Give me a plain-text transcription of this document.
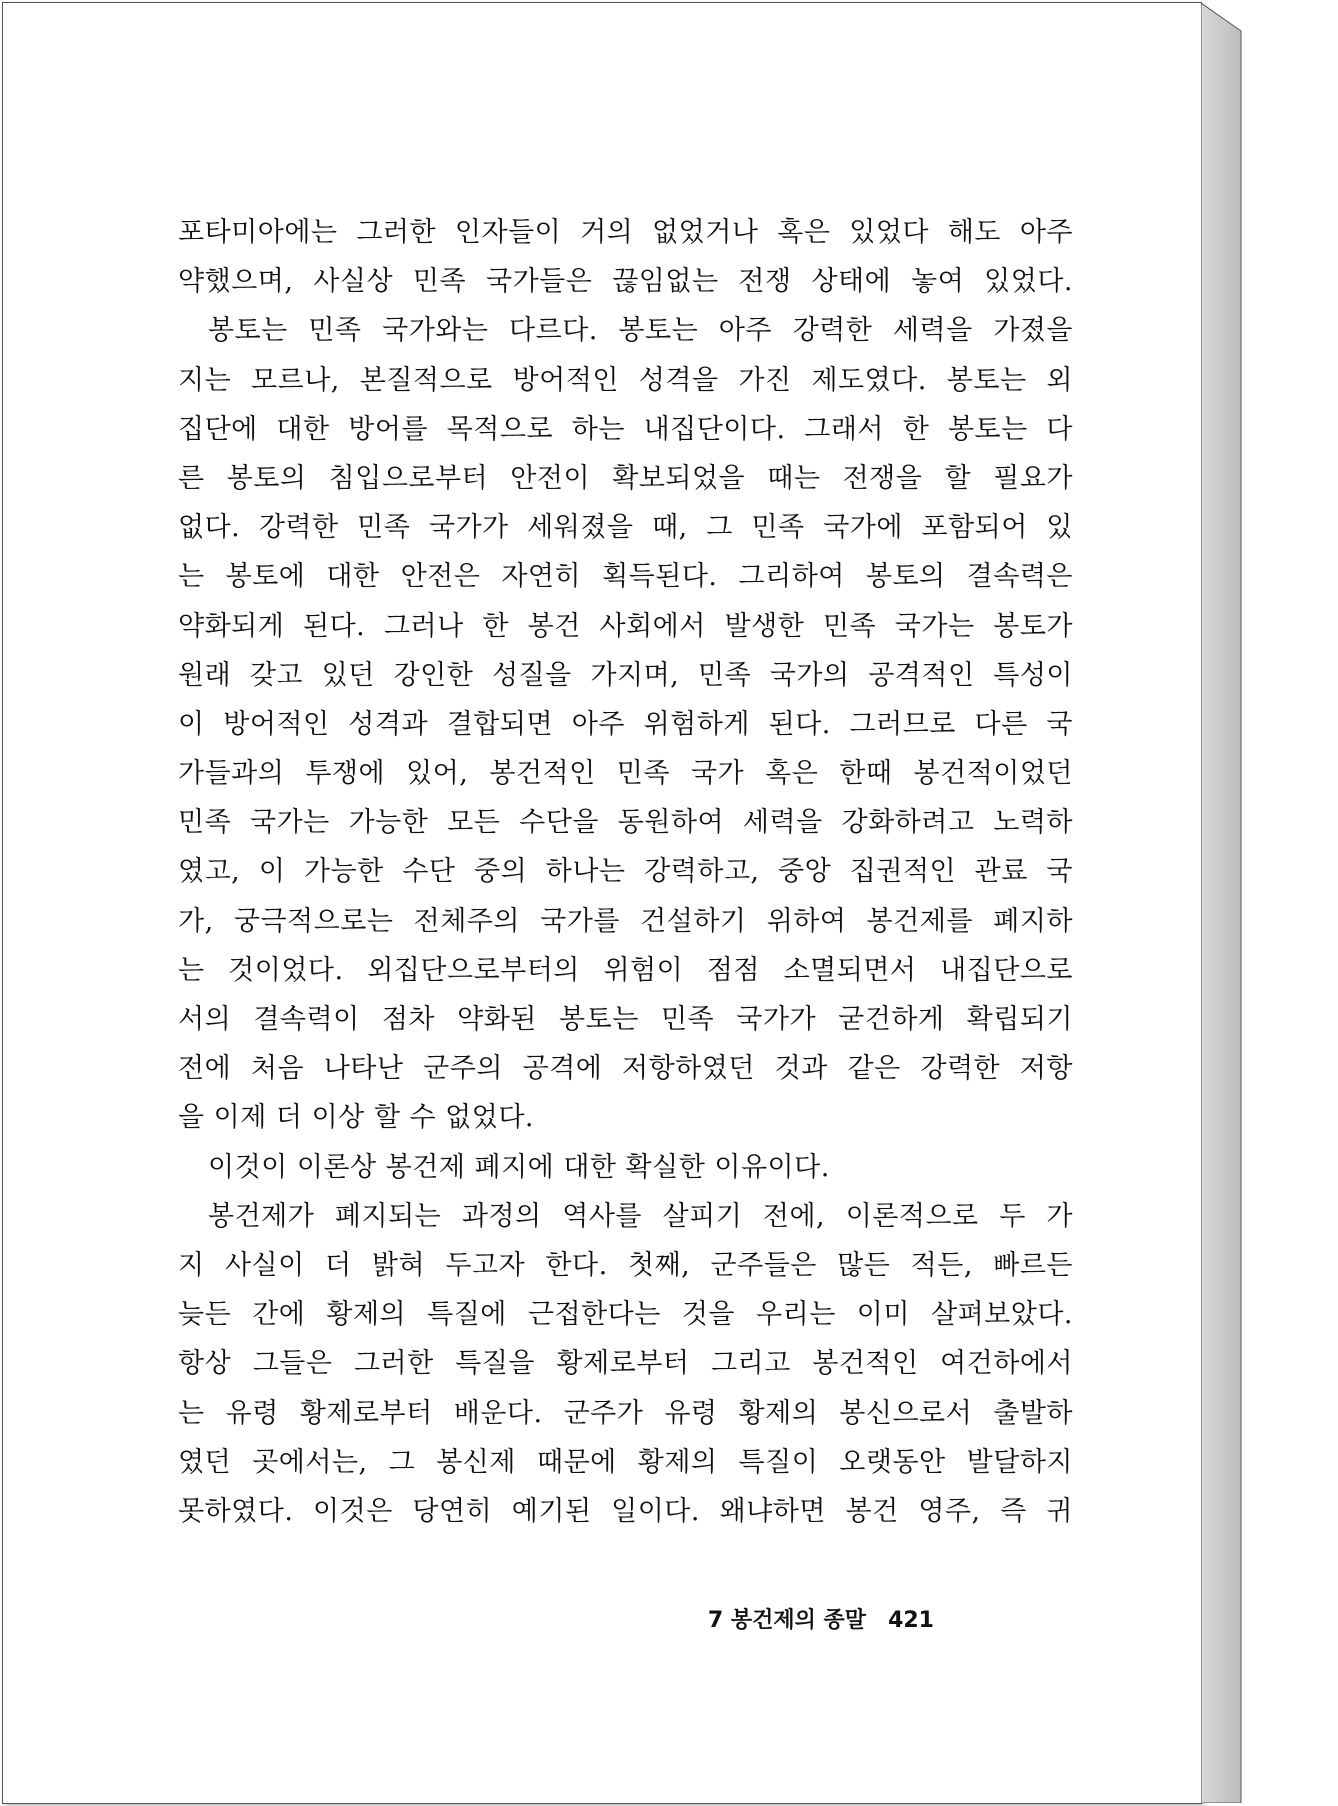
포타미아에는 그러한 인자들이 거의 없었거나 혹은 있었다 해도 아주
약했으며, 사실상 민족 국가들은 끊임없는 전쟁 상태에 놓여 있었다.
봉토는 민족 국가와는 다르다. 봉토는 아주 강력한 세력을 가졌을
지는 모르나, 본질적으로 방어적인 성격을 가진 제도였다. 봉토는 외
집단에 대한 방어를 목적으로 하는 내집단이다. 그래서 한 봉토는 다
른 봉토의 침입으로부터 안전이 확보되었을 때는 전쟁을 할 필요가
없다. 강력한 민족 국가가 세워졌을 때, 그 민족 국가에 포함되어 있
는 봉토에 대한 안전은 자연히 획득된다. 그리하여 봉토의 결속력은
약화되게 된다. 그러나 한 봉건 사회에서 발생한 민족 국가는 봉토가
원래 갖고 있던 강인한 성질을 가지며, 민족 국가의 공격적인 특성이
이 방어적인 성격과 결합되면 아주 위험하게 된다. 그러므로 다른 국
가들과의 투쟁에 있어, 봉건적인 민족 국가 혹은 한때 봉건적이었던
민족 국가는 가능한 모든 수단을 동원하여 세력을 강화하려고 노력하
였고, 이 가능한 수단 중의 하나는 강력하고, 중앙 집권적인 관료 국
가, 궁극적으로는 전체주의 국가를 건설하기 위하여 봉건제를 폐지하
는 것이었다. 외집단으로부터의 위험이 점점 소멸되면서 내집단으로
서의 결속력이 점차 약화된 봉토는 민족 국가가 굳건하게 확립되기
전에 처음 나타난 군주의 공격에 저항하였던 것과 같은 강력한 저항
을 이제 더 이상 할 수 없었다.
이것이 이론상 봉건제 폐지에 대한 확실한 이유이다.
봉건제가 폐지되는 과정의 역사를 살피기 전에, 이론적으로 두 가
지 사실이 더 밝혀 두고자 한다. 첫째, 군주들은 많든 적든, 빠르든
늦든 간에 황제의 특질에 근접한다는 것을 우리는 이미 살펴보았다.
항상 그들은 그러한 특질을 황제로부터 그리고 봉건적인 여건하에서
는 유령 황제로부터 배운다. 군주가 유령 황제의 봉신으로서 출발하
였던 곳에서는, 그 봉신제 때문에 황제의 특질이 오랫동안 발달하지
못하였다. 이것은 당연히 예기된 일이다. 왜냐하면 봉건 영주, 즉 귀
7 봉건제의 종말 421
